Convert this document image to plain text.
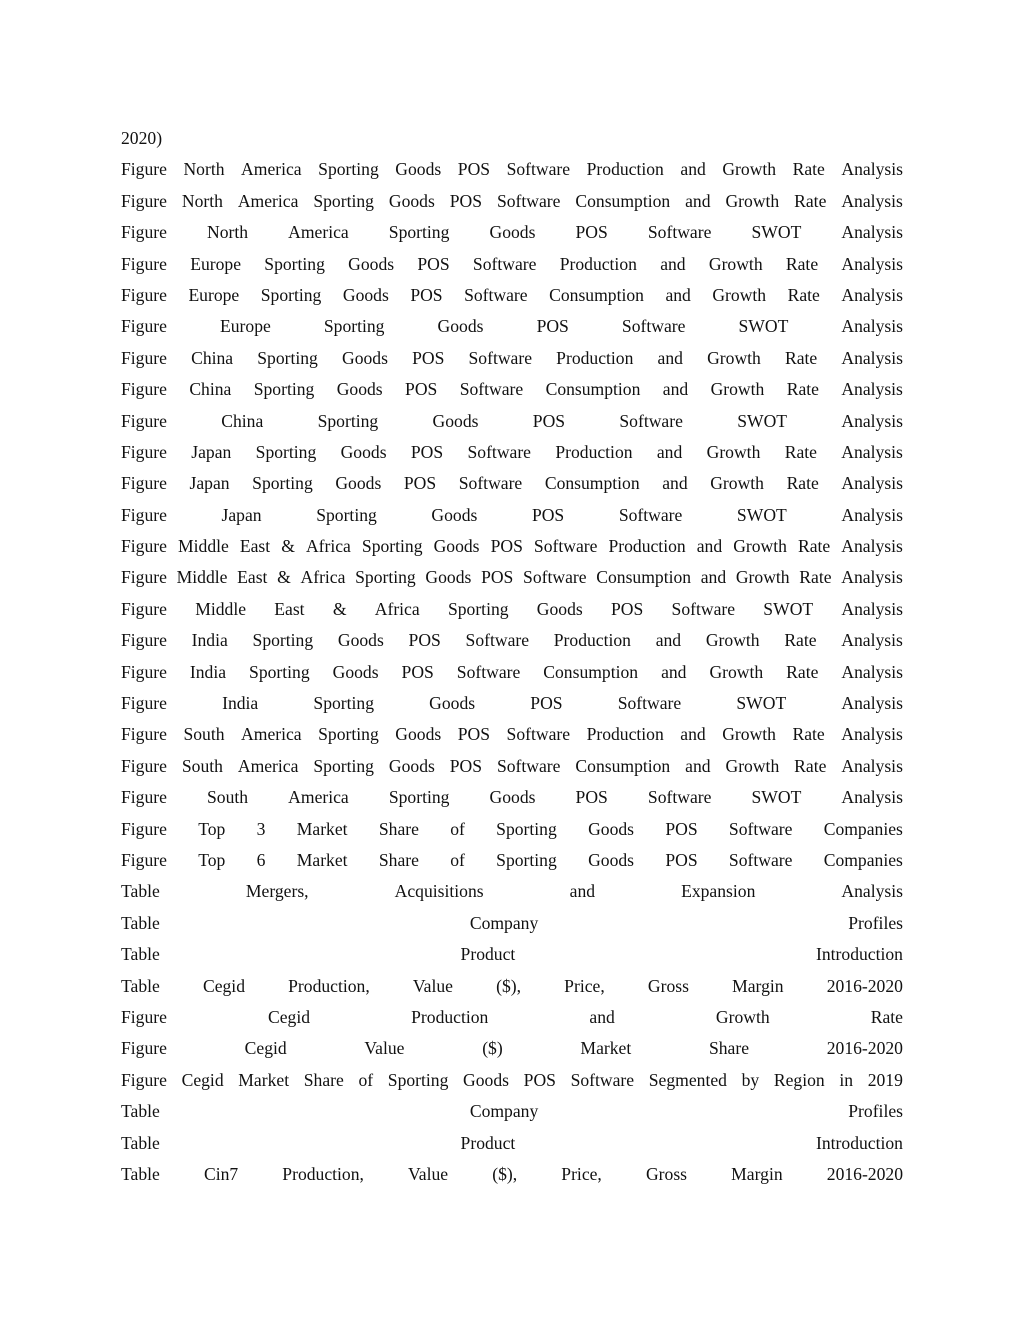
2020)
Figure North America Sporting Goods POS Software Production and Growth Rate Analysis
Figure North America Sporting Goods POS Software Consumption and Growth Rate Analysis
Figure North America Sporting Goods POS Software SWOT Analysis
Figure Europe Sporting Goods POS Software Production and Growth Rate Analysis
Figure Europe Sporting Goods POS Software Consumption and Growth Rate Analysis
Figure	Europe	Sporting	Goods	POS	Software	SWOT	Analysis
Figure China Sporting Goods POS Software Production and Growth Rate Analysis
Figure China Sporting Goods POS Software Consumption and Growth Rate Analysis
Figure	China	Sporting	Goods	POS	Software	SWOT	Analysis
Figure Japan Sporting Goods POS Software Production and Growth Rate Analysis
Figure Japan Sporting Goods POS Software Consumption and Growth Rate Analysis
Figure	Japan	Sporting	Goods	POS	Software	SWOT	Analysis
Figure Middle East & Africa Sporting Goods POS Software Production and Growth Rate Analysis
Figure Middle East & Africa Sporting Goods POS Software Consumption and Growth Rate Analysis
Figure Middle East & Africa Sporting Goods POS Software SWOT Analysis
Figure India Sporting Goods POS Software Production and Growth Rate Analysis
Figure India Sporting Goods POS Software Consumption and Growth Rate Analysis
Figure	India	Sporting	Goods	POS	Software	SWOT	Analysis
Figure South America Sporting Goods POS Software Production and Growth Rate Analysis
Figure South America Sporting Goods POS Software Consumption and Growth Rate Analysis
Figure South America Sporting Goods POS Software SWOT Analysis
Figure Top 3 Market Share of Sporting Goods POS Software Companies
Figure Top 6 Market Share of Sporting Goods POS Software Companies
Table	Mergers,	Acquisitions	and	Expansion	Analysis
Table	Company	Profiles
Table	Product	Introduction
Table Cegid Production, Value ($), Price, Gross Margin 2016-2020
Figure	Cegid	Production	and	Growth	Rate
Figure	Cegid	Value	($)	Market	Share	2016-2020
Figure Cegid Market Share of Sporting Goods POS Software Segmented by Region in 2019
Table	Company	Profiles
Table	Product	Introduction
Table	Cin7	Production,	Value	($),	Price,	Gross	Margin	2016-2020
